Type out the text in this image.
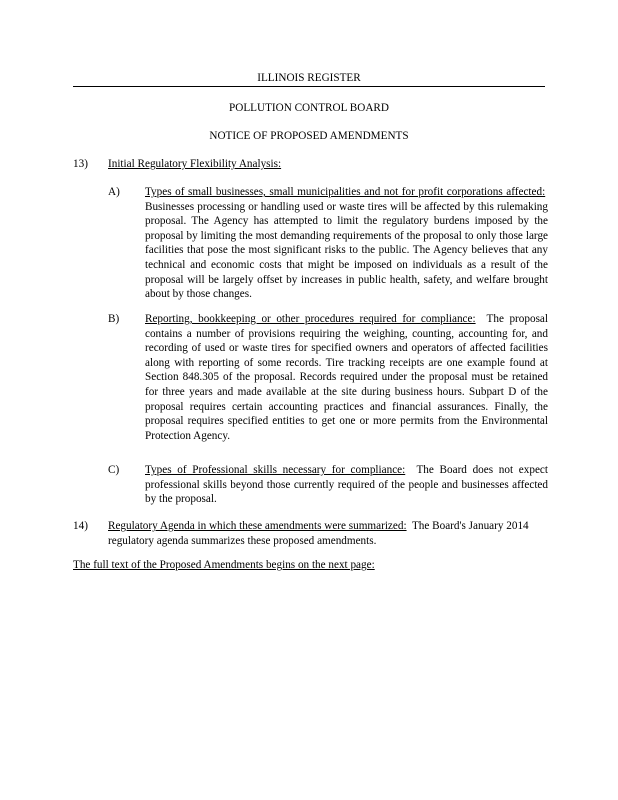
ILLINOIS REGISTER
POLLUTION CONTROL BOARD
NOTICE OF PROPOSED AMENDMENTS
13) Initial Regulatory Flexibility Analysis:
A) Types of small businesses, small municipalities and not for profit corporations affected:  Businesses processing or handling used or waste tires will be affected by this rulemaking proposal. The Agency has attempted to limit the regulatory burdens imposed by the proposal by limiting the most demanding requirements of the proposal to only those large facilities that pose the most significant risks to the public. The Agency believes that any technical and economic costs that might be imposed on individuals as a result of the proposal will be largely offset by increases in public health, safety, and welfare brought about by those changes.

B) Reporting, bookkeeping or other procedures required for compliance: The proposal contains a number of provisions requiring the weighing, counting, accounting for, and recording of used or waste tires for specified owners and operators of affected facilities along with reporting of some records. Tire tracking receipts are one example found at Section 848.305 of the proposal. Records required under the proposal must be retained for three years and made available at the site during business hours. Subpart D of the proposal requires certain accounting practices and financial assurances. Finally, the proposal requires specified entities to get one or more permits from the Environmental Protection Agency.

C) Types of Professional skills necessary for compliance: The Board does not expect professional skills beyond those currently required of the people and businesses affected by the proposal.

14) Regulatory Agenda in which these amendments were summarized: The Board's January 2014 regulatory agenda summarizes these proposed amendments.

The full text of the Proposed Amendments begins on the next page:
